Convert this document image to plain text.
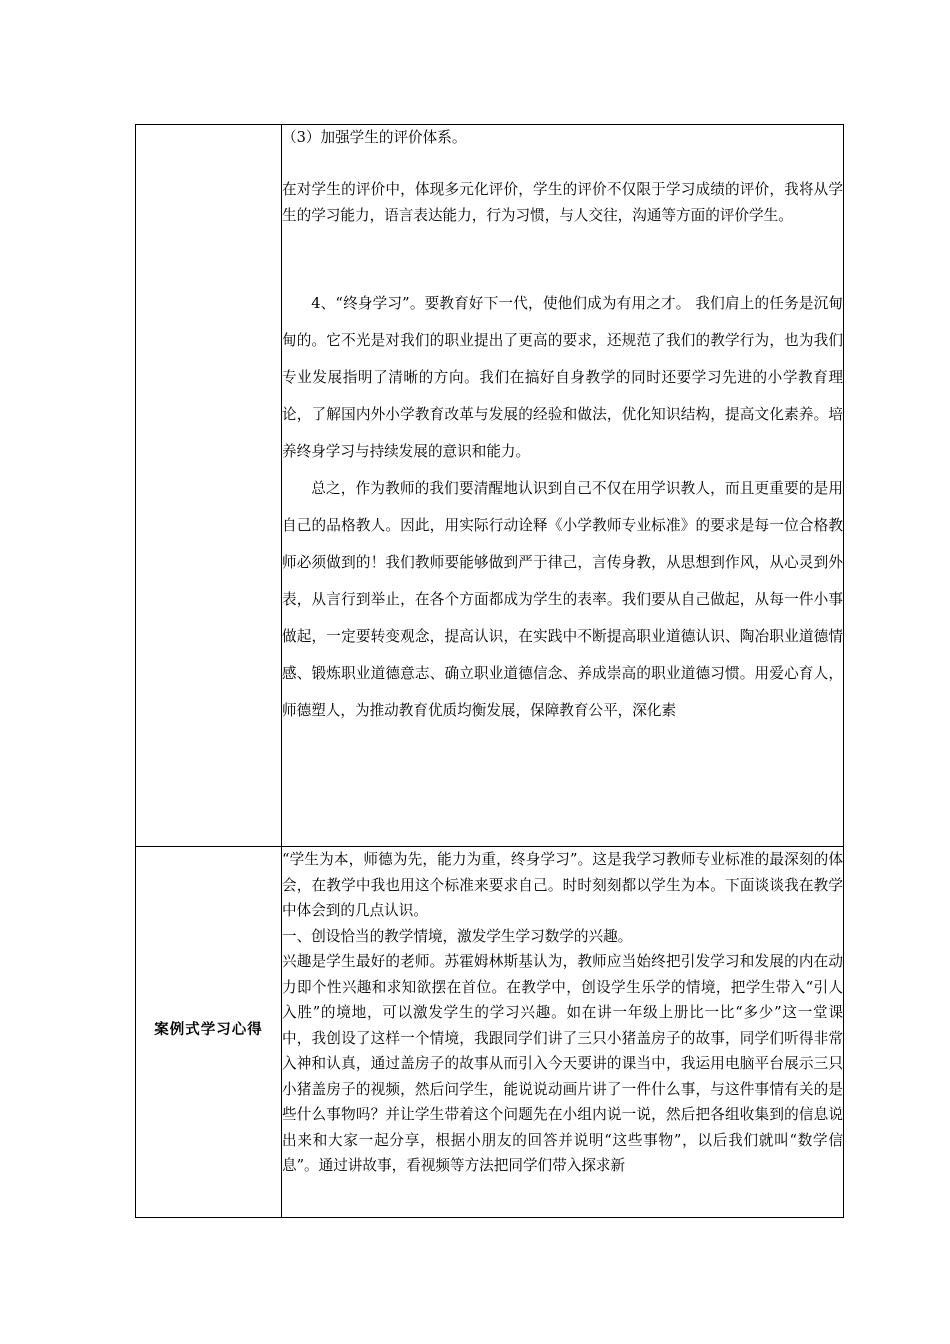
	（3）加强学生的评价体系。

在对学生的评价中，体现多元化评价，学生的评价不仅限于学习成绩的评价，我将从学生的学习能力，语言表达能力，行为习惯，与人交往，沟通等方面的评价学生。

4、“终身学习”。要教育好下一代，使他们成为有用之才。 我们肩上的任务是沉甸甸的。它不光是对我们的职业提出了更高的要求，还规范了我们的教学行为，也为我们专业发展指明了清晰的方向。我们在搞好自身教学的同时还要学习先进的小学教育理论，了解国内外小学教育改革与发展的经验和做法，优化知识结构，提高文化素养。培养终身学习与持续发展的意识和能力。

总之，作为教师的我们要清醒地认识到自己不仅在用学识教人，而且更重要的是用自己的品格教人。因此，用实际行动诠释《小学教师专业标准》的要求是每一位合格教师必须做到的！我们教师要能够做到严于律己，言传身教，从思想到作风，从心灵到外表，从言行到举止，在各个方面都成为学生的表率。我们要从自己做起，从每一件小事做起，一定要转变观念，提高认识，在实践中不断提高职业道德认识、陶冶职业道德情感、锻炼职业道德意志、确立职业道德信念、养成崇高的职业道德习惯。用爱心育人，师德塑人，为推动教育优质均衡发展，保障教育公平，深化素

案例式学习心得	“学生为本，师德为先，能力为重，终身学习”。这是我学习教师专业标准的最深刻的体会，在教学中我也用这个标准来要求自己。时时刻刻都以学生为本。下面谈谈我在教学中体会到的几点认识。

一、创设恰当的教学情境，激发学生学习数学的兴趣。

兴趣是学生最好的老师。苏霍姆林斯基认为，教师应当始终把引发学习和发展的内在动力即个性兴趣和求知欲摆在首位。在教学中，创设学生乐学的情境，把学生带入“引人入胜”的境地，可以激发学生的学习兴趣。如在讲一年级上册比一比“多少”这一堂课中，我创设了这样一个情境，我跟同学们讲了三只小猪盖房子的故事，同学们听得非常入神和认真，通过盖房子的故事从而引入今天要讲的课当中，我运用电脑平台展示三只小猪盖房子的视频，然后问学生，能说说动画片讲了一件什么事，与这件事情有关的是些什么事物吗？并让学生带着这个问题先在小组内说一说，然后把各组收集到的信息说出来和大家一起分享，根据小朋友的回答并说明“这些事物”，以后我们就叫“数学信息”。通过讲故事，看视频等方法把同学们带入探求新
